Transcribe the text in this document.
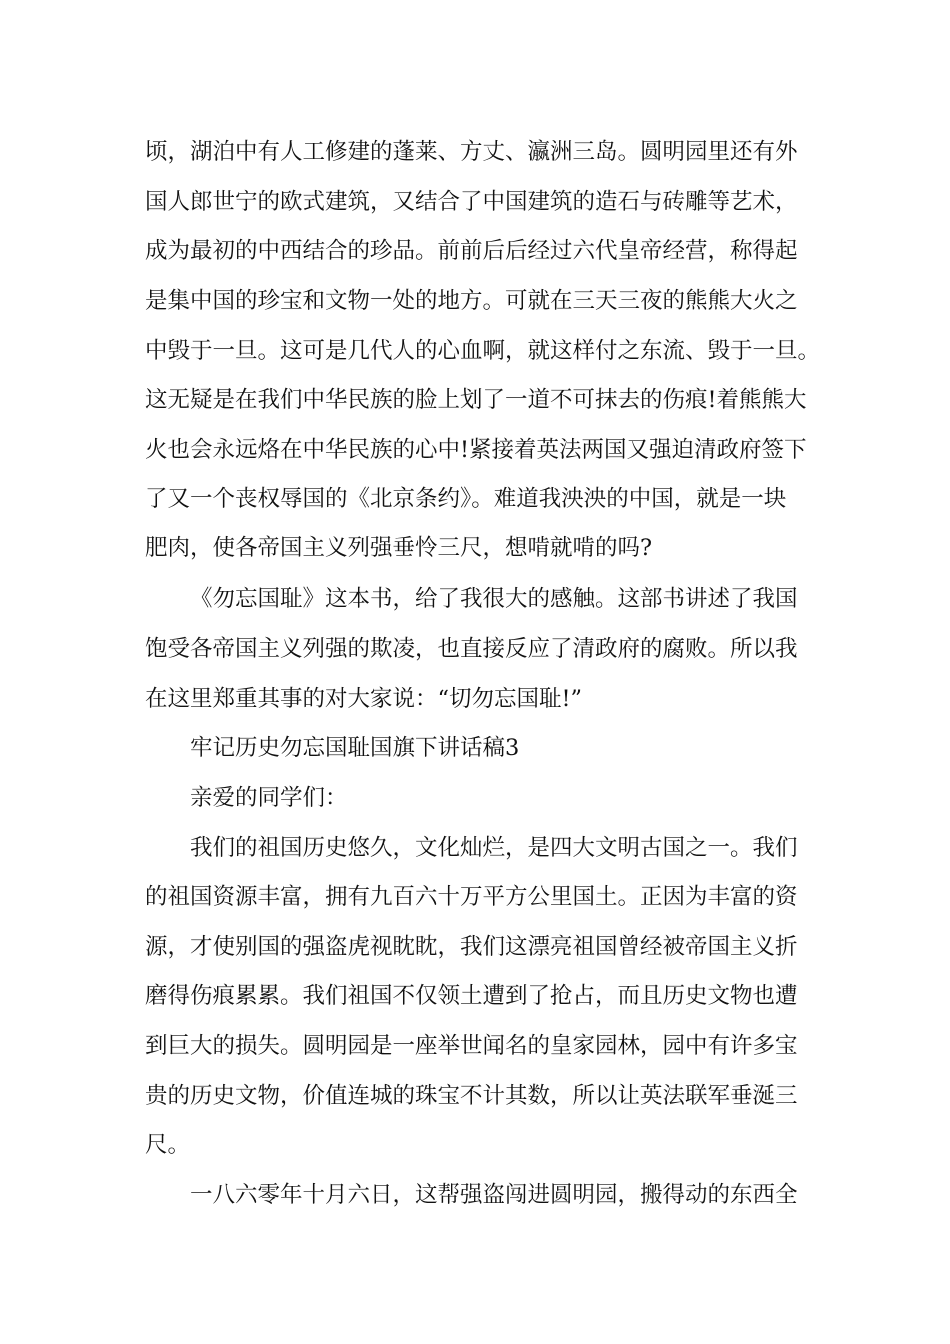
顷，湖泊中有人工修建的蓬莱、方丈、瀛洲三岛。圆明园里还有外

国人郎世宁的欧式建筑，又结合了中国建筑的造石与砖雕等艺术，

成为最初的中西结合的珍品。前前后后经过六代皇帝经营，称得起

是集中国的珍宝和文物一处的地方。可就在三天三夜的熊熊大火之

中毁于一旦。这可是几代人的心血啊，就这样付之东流、毁于一旦。

这无疑是在我们中华民族的脸上划了一道不可抹去的伤痕!着熊熊大

火也会永远烙在中华民族的心中!紧接着英法两国又强迫清政府签下

了又一个丧权辱国的《北京条约》。难道我泱泱的中国，就是一块

肥肉，使各帝国主义列强垂怜三尺，想啃就啃的吗?

《勿忘国耻》这本书，给了我很大的感触。这部书讲述了我国

饱受各帝国主义列强的欺凌，也直接反应了清政府的腐败。所以我

在这里郑重其事的对大家说：“切勿忘国耻!”

牢记历史勿忘国耻国旗下讲话稿3

亲爱的同学们：

我们的祖国历史悠久，文化灿烂，是四大文明古国之一。我们

的祖国资源丰富，拥有九百六十万平方公里国土。正因为丰富的资

源，才使别国的强盗虎视眈眈，我们这漂亮祖国曾经被帝国主义折

磨得伤痕累累。我们祖国不仅领土遭到了抢占，而且历史文物也遭

到巨大的损失。圆明园是一座举世闻名的皇家园林，园中有许多宝

贵的历史文物，价值连城的珠宝不计其数，所以让英法联军垂涎三

尺。

一八六零年十月六日，这帮强盗闯进圆明园，搬得动的东西全
